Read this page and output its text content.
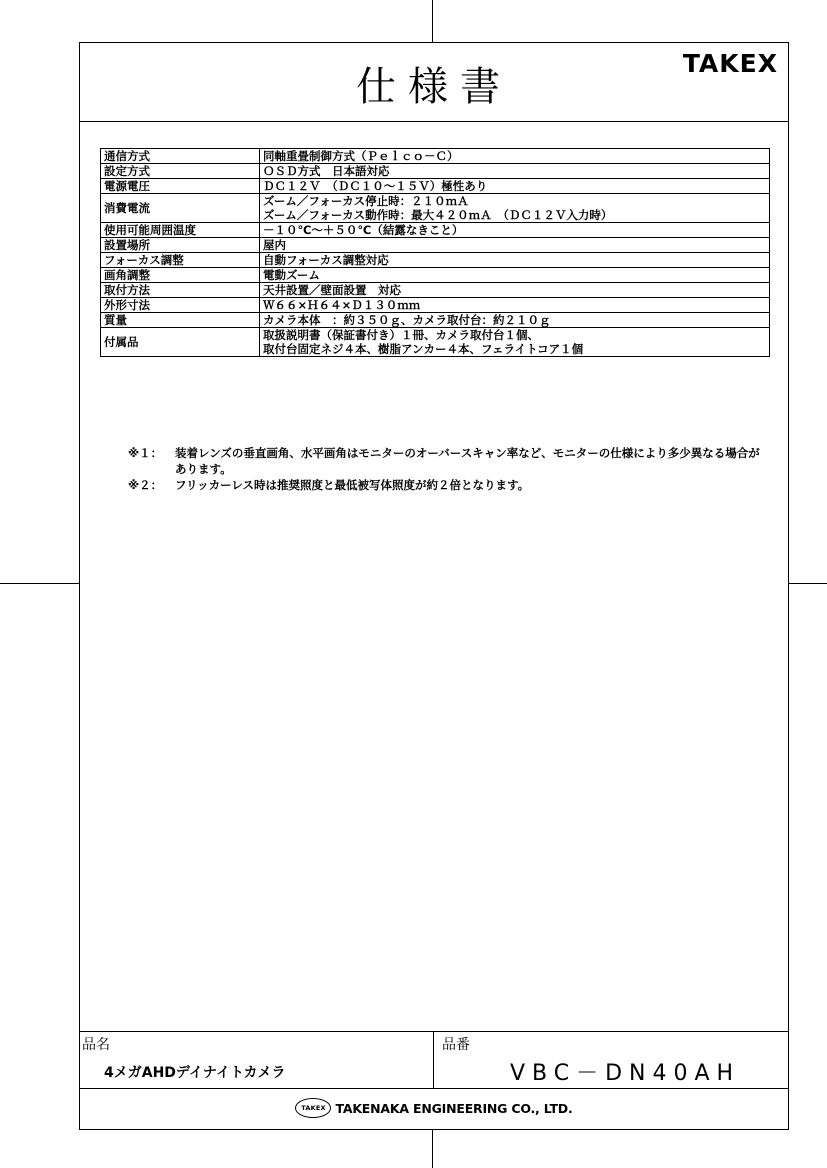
仕様書
TAKEX
通信方式	同軸重畳制御方式（Ｐｅｌｃｏ－Ｃ）

設定方式	ＯＳＤ方式　日本語対応

電源電圧	ＤＣ１２Ｖ　（ＤＣ１０～１５Ｖ）極性あり

消費電流	ズーム／フォーカス停止時：２１０ｍＡ
ズーム／フォーカス動作時：最大４２０ｍＡ　（ＤＣ１２Ｖ入力時）

使用可能周囲温度	－１０℃～＋５０℃（結露なきこと）

設置場所	屋内

フォーカス調整	自動フォーカス調整対応

画角調整	電動ズーム

取付方法	天井設置／壁面設置　対応

外形寸法	Ｗ６６×Ｈ６４×Ｄ１３０ｍｍ

質量	カメラ本体　：約３５０ｇ、カメラ取付台：約２１０ｇ

付属品	取扱説明書（保証書付き）１冊、カメラ取付台１個、
取付台固定ネジ４本、樹脂アンカー４本、フェライトコア１個
※１： 装着レンズの垂直画角、水平画角はモニターのオーバースキャン率など、モニターの仕様により多少異なる場合があります。
※２： フリッカーレス時は推奨照度と最低被写体照度が約２倍となります。
品名
4メガAHDデイナイトカメラ
品番
VBC－DN40AH
TAKEX TAKENAKA ENGINEERING CO., LTD.
